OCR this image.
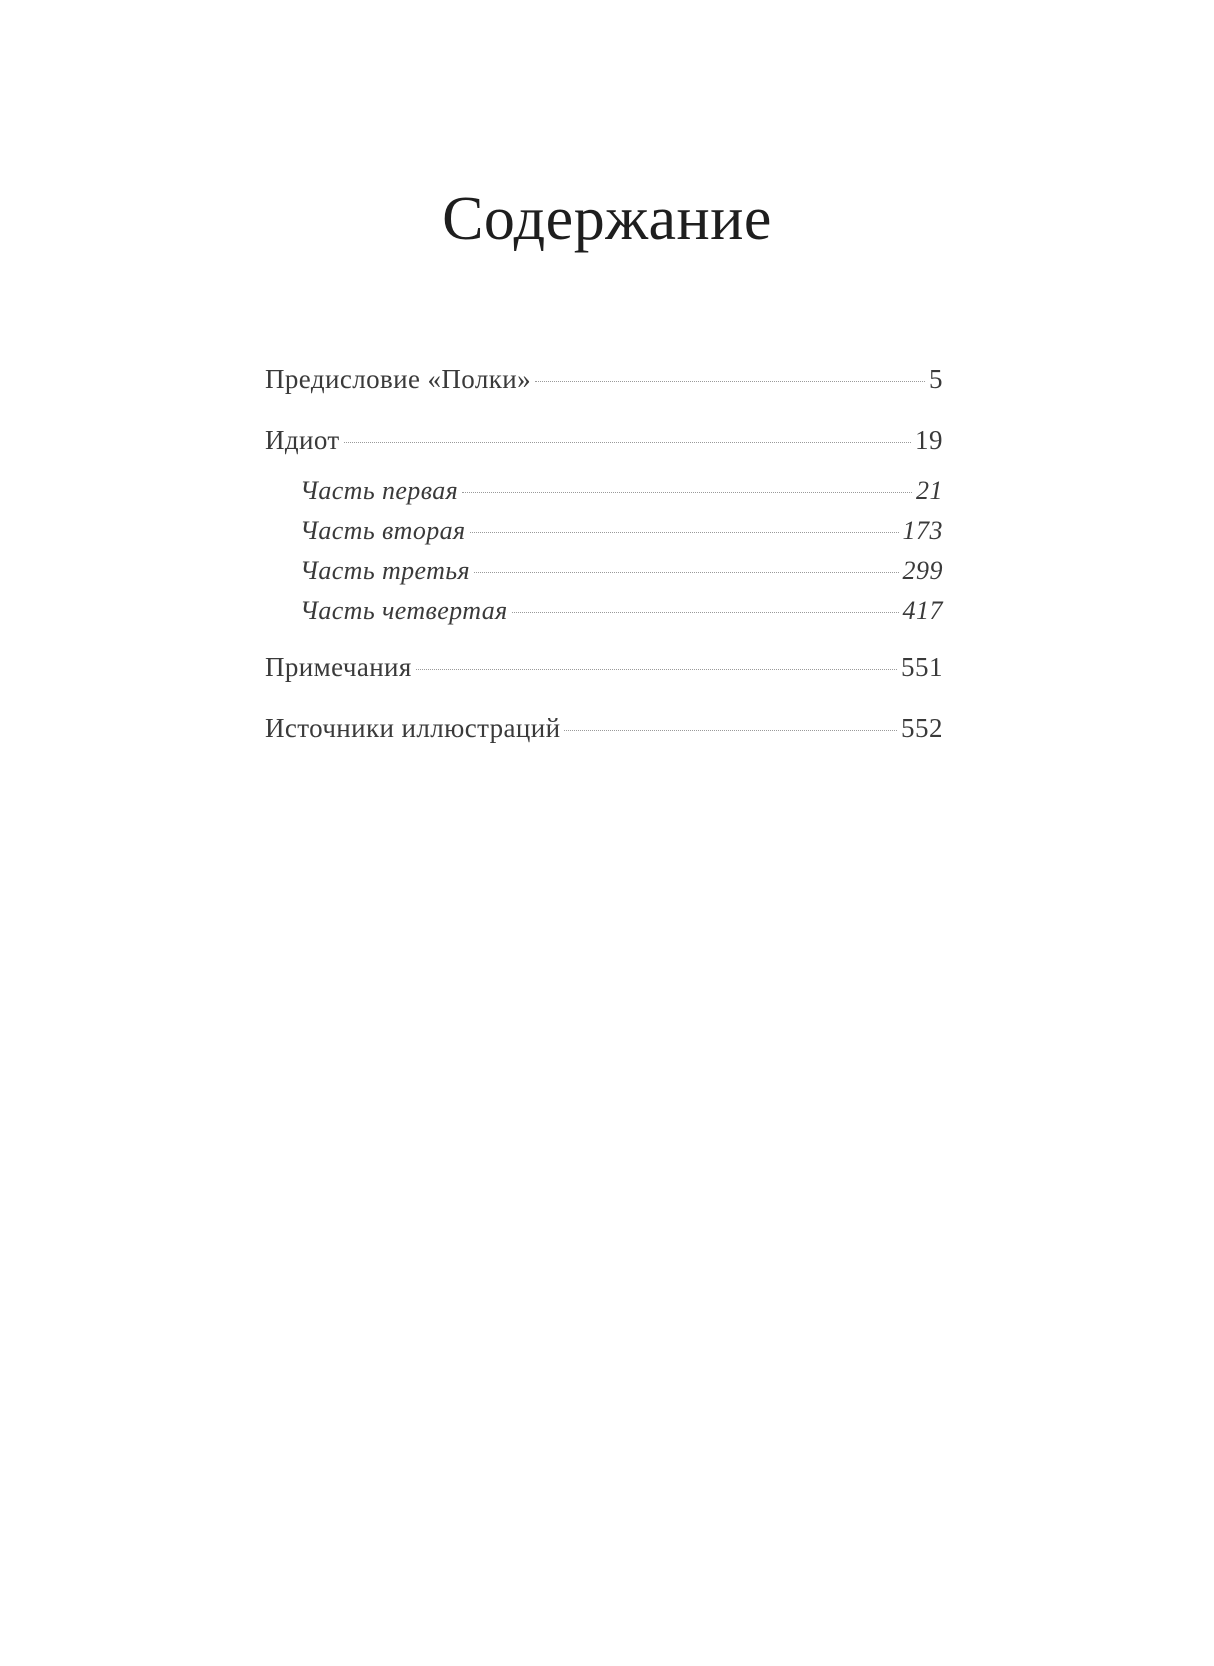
Содержание
Предисловие «Полки»	5
Идиот	19
Часть первая	21
Часть вторая	173
Часть третья	299
Часть четвертая	417
Примечания	551
Источники иллюстраций	552
